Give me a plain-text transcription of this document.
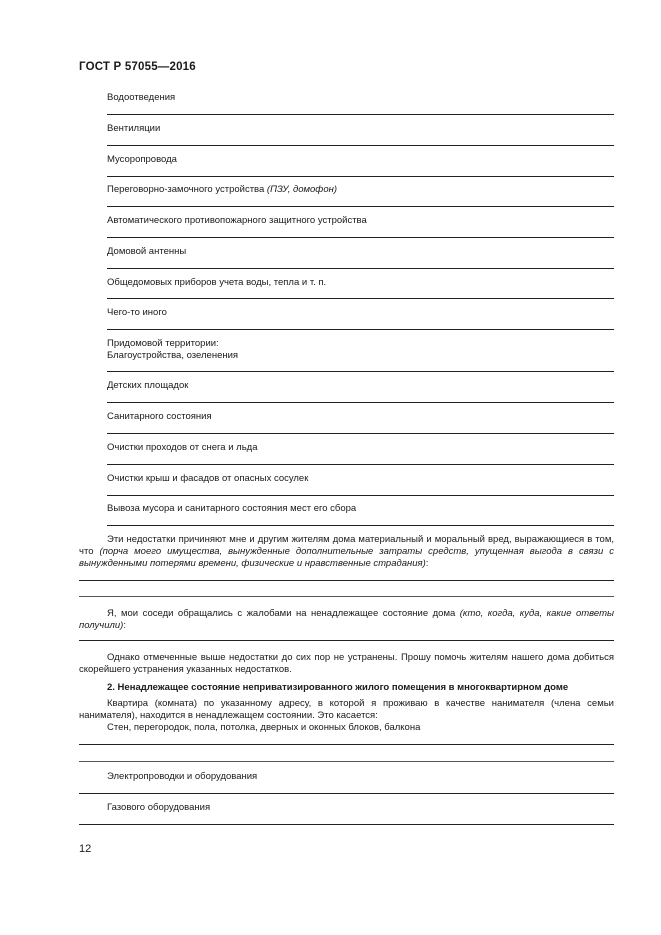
ГОСТ Р 57055—2016
Водоотведения
Вентиляции
Мусоропровода
Переговорно-замочного устройства (ПЗУ, домофон)
Автоматического противопожарного защитного устройства
Домовой антенны
Общедомовых приборов учета воды, тепла и т. п.
Чего-то иного
Придомовой территории:
Благоустройства, озеленения
Детских площадок
Санитарного состояния
Очистки проходов от снега и льда
Очистки крыш и фасадов от опасных сосулек
Вывоза мусора и санитарного состояния мест его сбора
Эти недостатки причиняют мне и другим жителям дома материальный и моральный вред, выражающиеся в том, что (порча моего имущества, вынужденные дополнительные затраты средств, упущенная выгода в связи с вынужденными потерями времени, физические и нравственные страдания):
Я, мои соседи обращались с жалобами на ненадлежащее состояние дома (кто, когда, куда, какие ответы получили):
Однако отмеченные выше недостатки до сих пор не устранены. Прошу помочь жителям нашего дома добиться скорейшего устранения указанных недостатков.
2. Ненадлежащее состояние неприватизированного жилого помещения в многоквартирном доме
Квартира (комната) по указанному адресу, в которой я проживаю в качестве нанимателя (члена семьи нанимателя), находится в ненадлежащем состоянии. Это касается:
Стен, перегородок, пола, потолка, дверных и оконных блоков, балкона
Электропроводки и оборудования
Газового оборудования
12
